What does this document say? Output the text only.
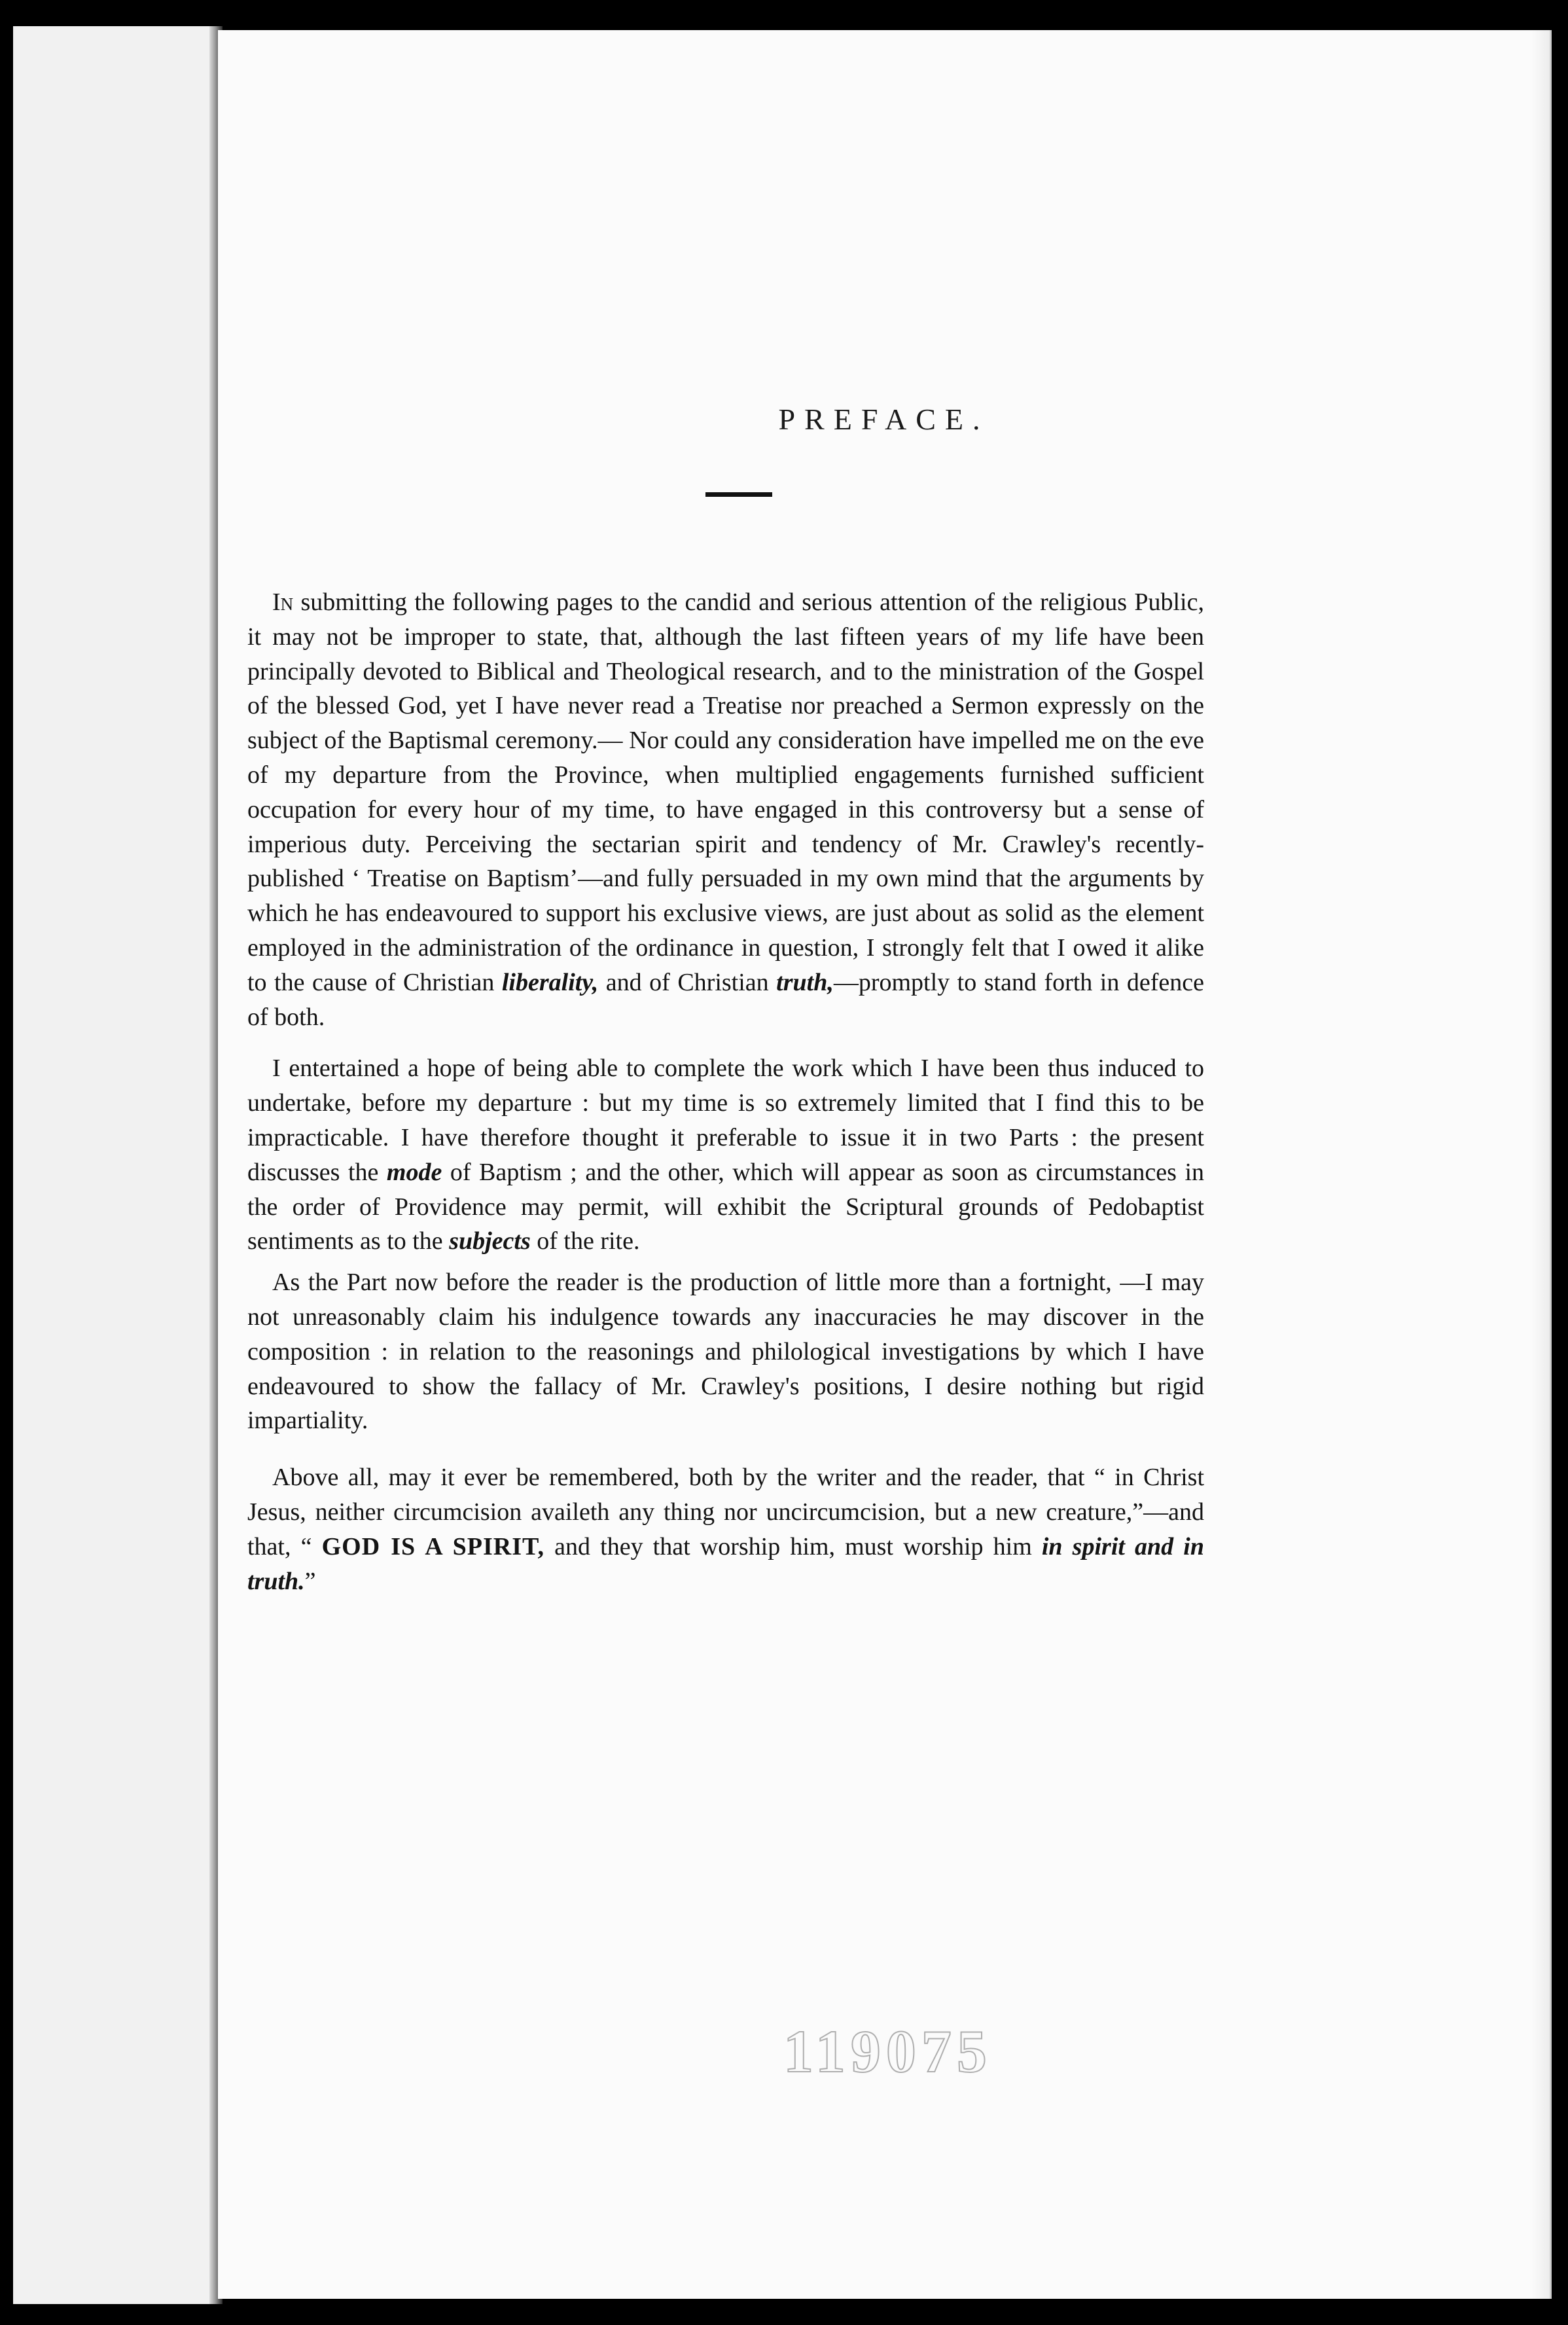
PREFACE.

In submitting the following pages to the candid and serious attention of the religious Public, it may not be improper to state, that, although the last fifteen years of my life have been principally devoted to Biblical and Theological research, and to the ministration of the Gospel of the blessed God, yet I have never read a Treatise nor preached a Sermon expressly on the subject of the Baptismal ceremony.— Nor could any consideration have impelled me on the eve of my departure from the Province, when multiplied engagements furnished sufficient occupation for every hour of my time, to have engaged in this controversy but a sense of imperious duty. Perceiving the sectarian spirit and tendency of Mr. Crawley's recently-published ‘ Treatise on Baptism’—and fully persuaded in my own mind that the arguments by which he has endeavoured to support his exclusive views, are just about as solid as the element employed in the administration of the ordinance in question, I strongly felt that I owed it alike to the cause of Christian liberality, and of Christian truth,—promptly to stand forth in defence of both.

I entertained a hope of being able to complete the work which I have been thus induced to undertake, before my departure : but my time is so extremely limited that I find this to be impracticable. I have therefore thought it preferable to issue it in two Parts : the present discusses the mode of Baptism ; and the other, which will appear as soon as circumstances in the order of Providence may permit, will exhibit the Scriptural grounds of Pedobaptist sentiments as to the subjects of the rite.

As the Part now before the reader is the production of little more than a fortnight, —I may not unreasonably claim his indulgence towards any inaccuracies he may discover in the composition : in relation to the reasonings and philological investigations by which I have endeavoured to show the fallacy of Mr. Crawley's positions, I desire nothing but rigid impartiality.

Above all, may it ever be remembered, both by the writer and the reader, that “ in Christ Jesus, neither circumcision availeth any thing nor uncircumcision, but a new creature,”—and that, “ GOD IS A SPIRIT, and they that worship him, must worship him in spirit and in truth.”

119075
